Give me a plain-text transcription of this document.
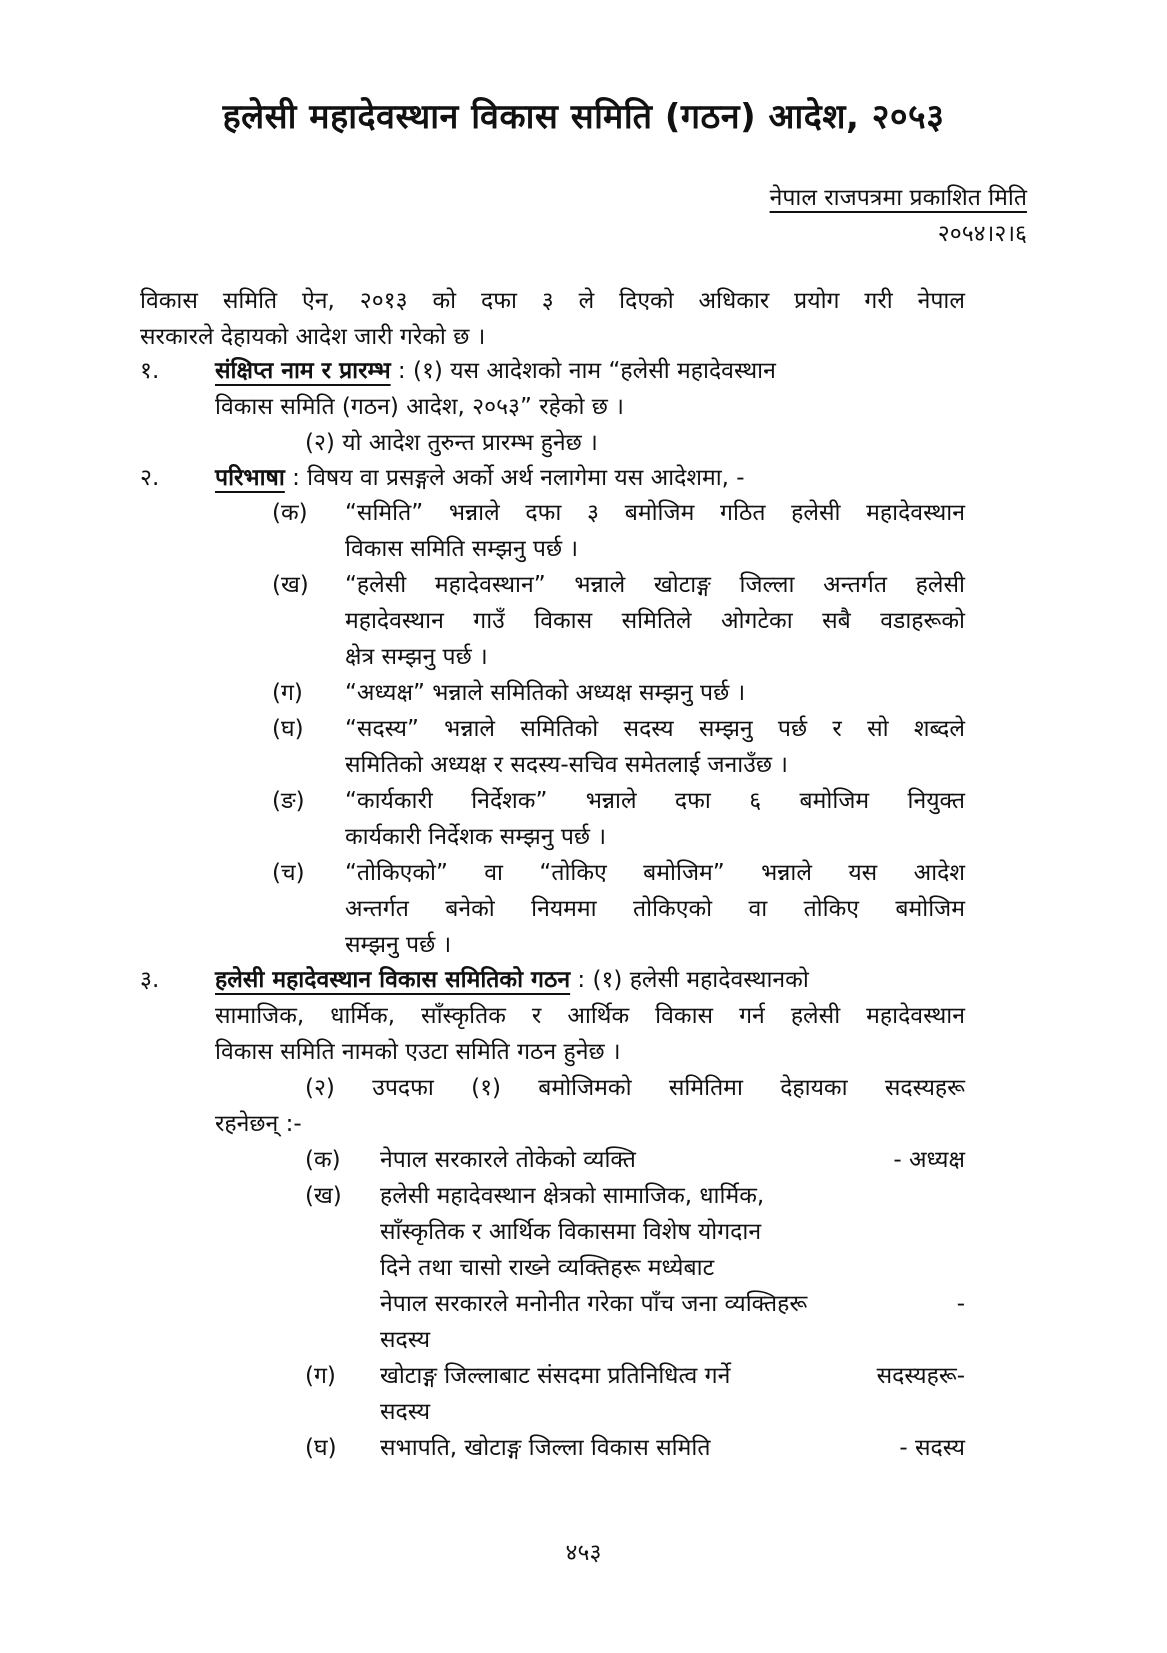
हलेसी महादेवस्थान विकास समिति (गठन) आदेश, २०५३
नेपाल राजपत्रमा प्रकाशित मिति
२०५४।२।६
विकास समिति ऐन, २०१३ को दफा ३ ले दिएको अधिकार प्रयोग गरी नेपाल
सरकारले देहायको आदेश जारी गरेको छ ।
१. संक्षिप्त नाम र प्रारम्भ : (१) यस आदेशको नाम “हलेसी महादेवस्थान
विकास समिति (गठन) आदेश, २०५३” रहेको छ ।
(२) यो आदेश तुरुन्त प्रारम्भ हुनेछ ।
२. परिभाषा : विषय वा प्रसङ्गले अर्को अर्थ नलागेमा यस आदेशमा, -
(क) “समिति” भन्नाले दफा ३ बमोजिम गठित हलेसी महादेवस्थान
विकास समिति सम्झनु पर्छ ।
(ख) “हलेसी महादेवस्थान” भन्नाले खोटाङ्ग जिल्ला अन्तर्गत हलेसी
महादेवस्थान गाउँ विकास समितिले ओगटेका सबै वडाहरूको
क्षेत्र सम्झनु पर्छ ।
(ग) “अध्यक्ष” भन्नाले समितिको अध्यक्ष सम्झनु पर्छ ।
(घ) “सदस्य” भन्नाले समितिको सदस्य सम्झनु पर्छ र सो शब्दले
समितिको अध्यक्ष र सदस्य-सचिव समेतलाई जनाउँछ ।
(ङ) “कार्यकारी निर्देशक” भन्नाले दफा ६ बमोजिम नियुक्त
कार्यकारी निर्देशक सम्झनु पर्छ ।
(च) “तोकिएको” वा “तोकिए बमोजिम” भन्नाले यस आदेश
अन्तर्गत बनेको नियममा तोकिएको वा तोकिए बमोजिम
सम्झनु पर्छ ।
३. हलेसी महादेवस्थान विकास समितिको गठन : (१) हलेसी महादेवस्थानको
सामाजिक, धार्मिक, साँस्कृतिक र आर्थिक विकास गर्न हलेसी महादेवस्थान
विकास समिति नामको एउटा समिति गठन हुनेछ ।
(२) उपदफा (१) बमोजिमको समितिमा देहायका सदस्यहरू
रहनेछन् :-
(क) नेपाल सरकारले तोकेको व्यक्ति	- अध्यक्ष
(ख) हलेसी महादेवस्थान क्षेत्रको सामाजिक, धार्मिक,
साँस्कृतिक र आर्थिक विकासमा विशेष योगदान
दिने तथा चासो राख्ने व्यक्तिहरू मध्येबाट
नेपाल सरकारले मनोनीत गरेका पाँच जना व्यक्तिहरू	-
सदस्य
(ग) खोटाङ्ग जिल्लाबाट संसदमा प्रतिनिधित्व गर्ने	सदस्यहरू-
सदस्य
(घ) सभापति, खोटाङ्ग जिल्ला विकास समिति	- सदस्य
४५३
